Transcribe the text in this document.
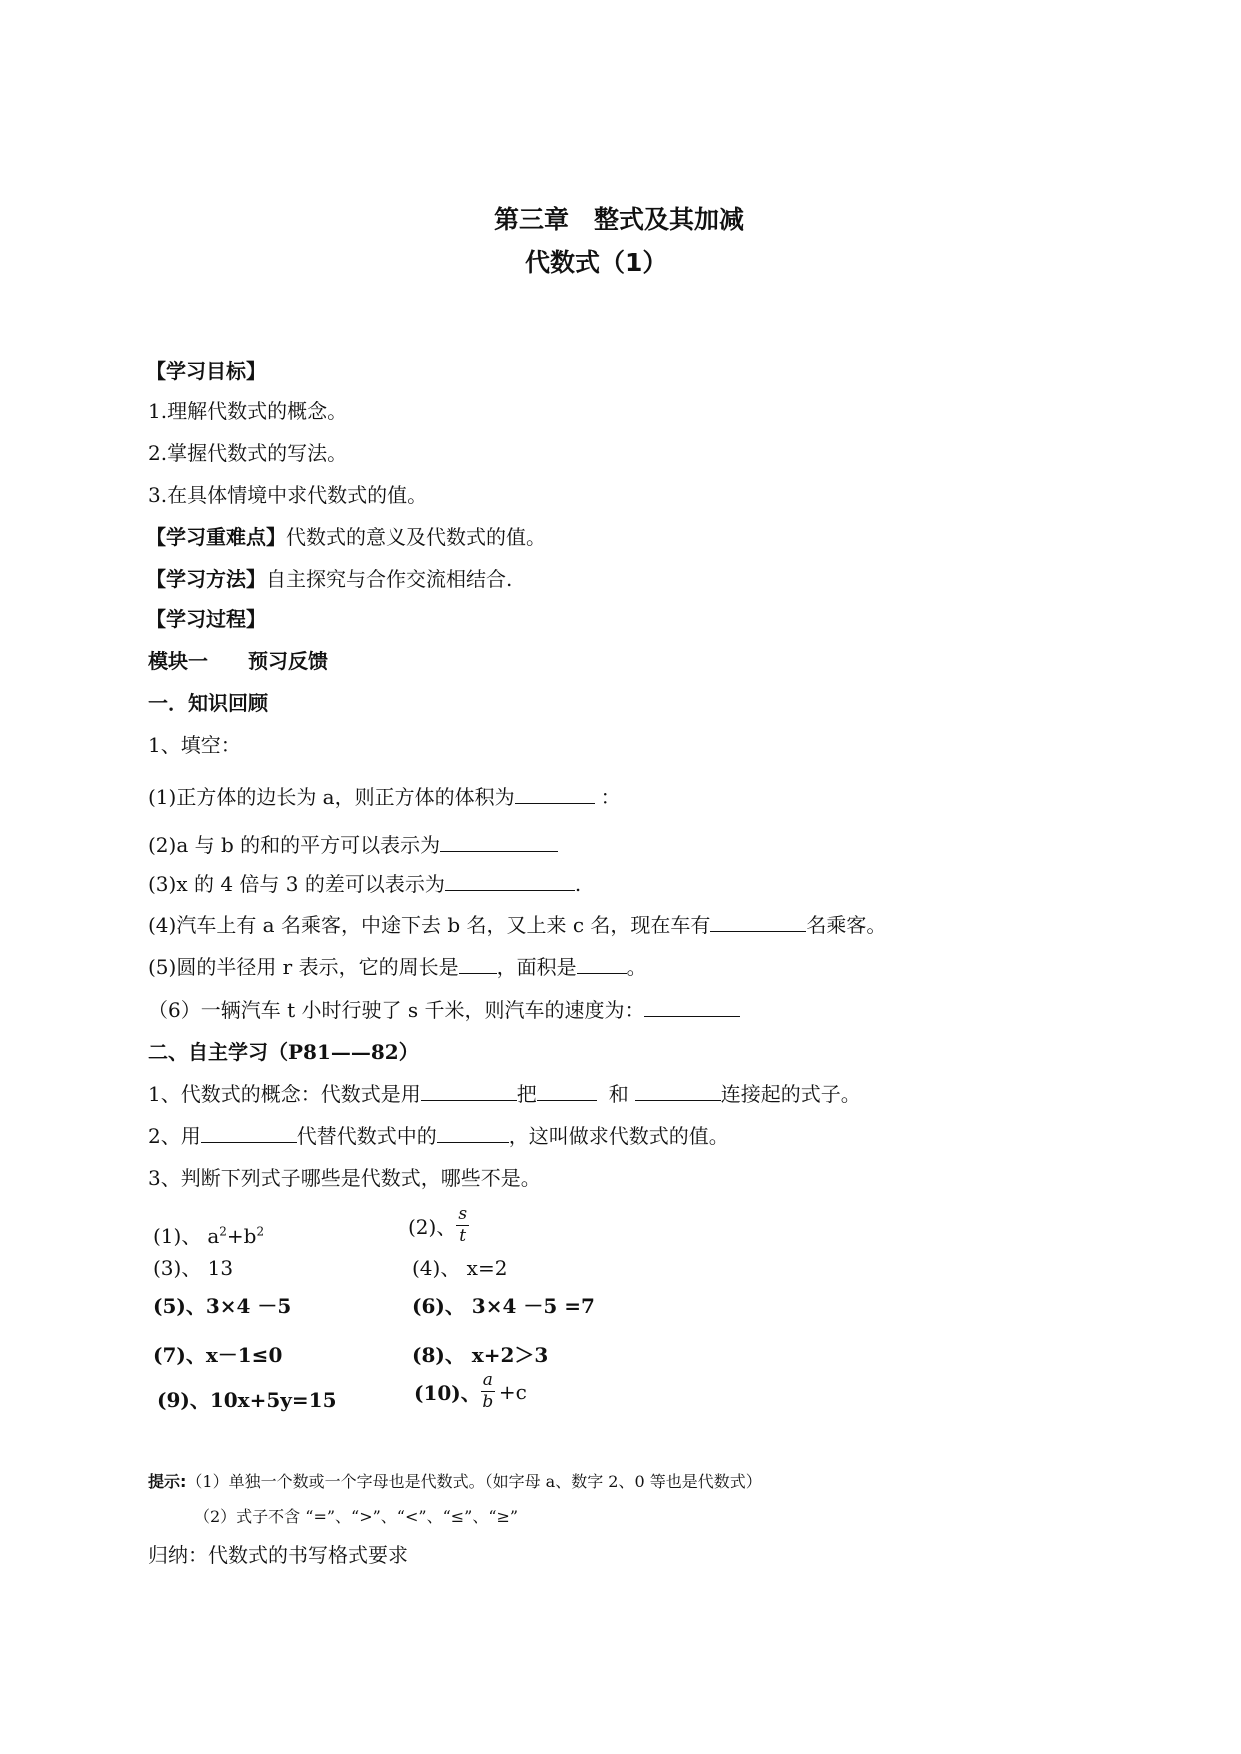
第三章　整式及其加减
代数式（1）
【学习目标】
1.理解代数式的概念。
2.掌握代数式的写法。
3.在具体情境中求代数式的值。
【学习重难点】代数式的意义及代数式的值。
【学习方法】自主探究与合作交流相结合.
【学习过程】
模块一　　预习反馈
一．知识回顾
1、填空：
(1)正方体的边长为 a，则正方体的体积为	：
(2)a 与 b 的和的平方可以表示为
(3)x 的 4 倍与 3 的差可以表示为	.
(4)汽车上有 a 名乘客，中途下去 b 名，又上来 c 名，现在车有	名乘客。
(5)圆的半径用 r 表示，它的周长是 ，面积是	。
（6）一辆汽车 t 小时行驶了 s 千米，则汽车的速度为：
二、自主学习（P81——82）
1、代数式的概念：代数式是用	把	和	连接起的式子。
2、用	代替代数式中的	，这叫做求代数式的值。
3、判断下列式子哪些是代数式，哪些不是。
(1)、 $a^2+b^2$	(2)、 $\frac{s}{t}$
(3)、 13	(4)、 x=2
(5)、3×4 －5	(6)、 3×4 －5 =7
(7)、x－1≤0	(8)、 x+2＞3
(9)、10x+5y=15	(10)、 $\frac{a}{b} +c$
提示:（1）单独一个数或一个字母也是代数式。（如字母 a、数字 2、0 等也是代数式）
（2）式子不含 “=”、“>”、“<”、“≤”、“≥”
归纳：代数式的书写格式要求
